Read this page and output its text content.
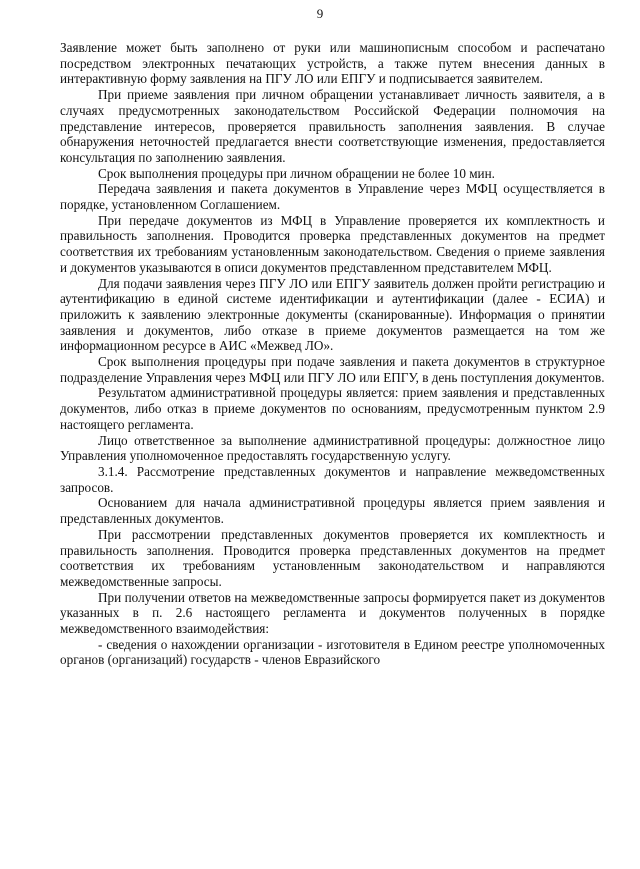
9

Заявление может быть заполнено от руки или машинописным способом и распечатано посредством электронных печатающих устройств, а также путем внесения данных в интерактивную форму заявления на ПГУ ЛО или ЕПГУ и подписывается заявителем.

При приеме заявления при личном обращении устанавливает личность заявителя, а в случаях предусмотренных законодательством Российской Федерации полномочия на представление интересов, проверяется правильность заполнения заявления. В случае обнаружения неточностей предлагается внести соответствующие изменения, предоставляется консультация по заполнению заявления.

Срок выполнения процедуры при личном обращении не более 10 мин.

Передача заявления и пакета документов в Управление через МФЦ осуществляется в порядке, установленном Соглашением.

При передаче документов из МФЦ в Управление проверяется их комплектность и правильность заполнения. Проводится проверка представленных документов на предмет соответствия их требованиям установленным законодательством. Сведения о приеме заявления и документов указываются в описи документов представленном представителем МФЦ.

Для подачи заявления через ПГУ ЛО или ЕПГУ заявитель должен пройти регистрацию и аутентификацию в единой системе идентификации и аутентификации (далее - ЕСИА) и приложить к заявлению электронные документы (сканированные). Информация о принятии заявления и документов, либо отказе в приеме документов размещается на том же информационном ресурсе в АИС «Межвед ЛО».

Срок выполнения процедуры при подаче заявления и пакета документов в структурное подразделение Управления через МФЦ или ПГУ ЛО или ЕПГУ, в день поступления документов.

Результатом административной процедуры является: прием заявления и представленных документов, либо отказ в приеме документов по основаниям, предусмотренным пунктом 2.9 настоящего регламента.

Лицо ответственное за выполнение административной процедуры: должностное лицо Управления уполномоченное предоставлять государственную услугу.

3.1.4. Рассмотрение представленных документов и направление межведомственных запросов.

Основанием для начала административной процедуры является прием заявления и представленных документов.

При рассмотрении представленных документов проверяется их комплектность и правильность заполнения. Проводится проверка представленных документов на предмет соответствия их требованиям установленным законодательством и направляются межведомственные запросы.

При получении ответов на межведомственные запросы формируется пакет из документов указанных в п. 2.6 настоящего регламента и документов полученных в порядке межведомственного взаимодействия:

- сведения о нахождении организации - изготовителя в Едином реестре уполномоченных органов (организаций) государств - членов Евразийского
